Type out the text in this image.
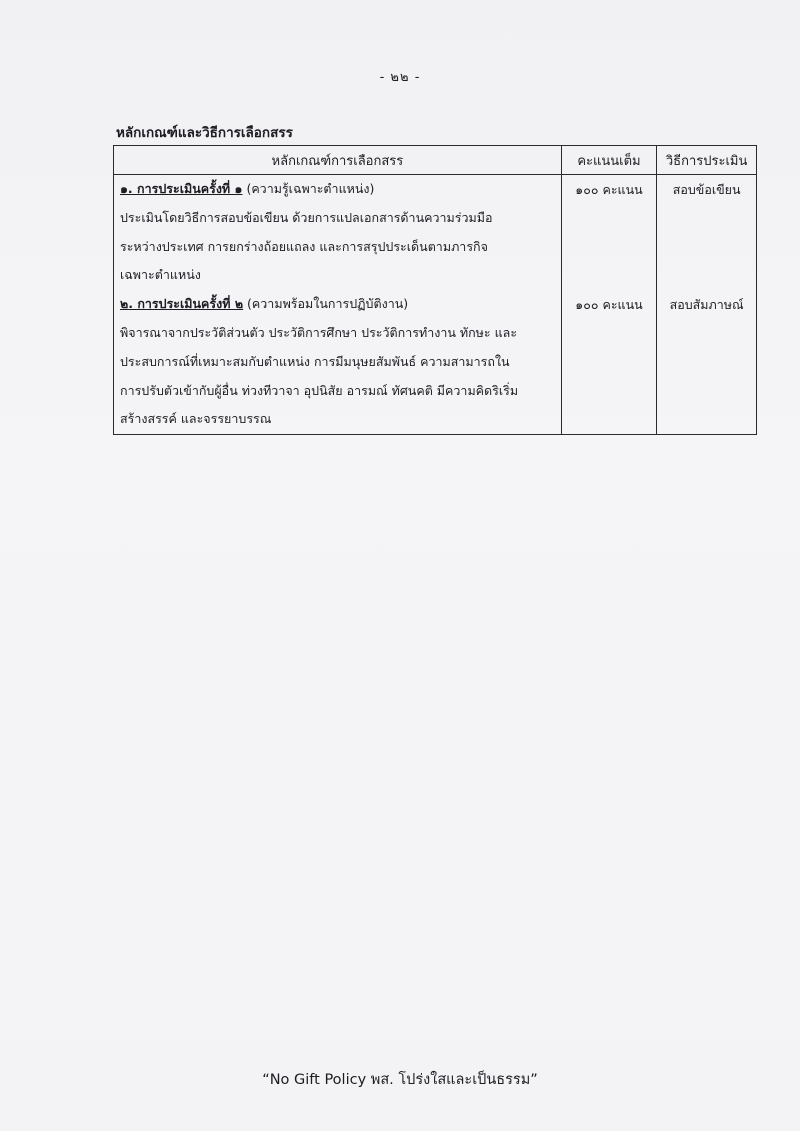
- ๒๒ -
หลักเกณฑ์และวิธีการเลือกสรร
หลักเกณฑ์การเลือกสรร	คะแนนเต็ม	วิธีการประเมิน

๑. การประเมินครั้งที่ ๑ (ความรู้เฉพาะตำแหน่ง)
ประเมินโดยวิธีการสอบข้อเขียน ด้วยการแปลเอกสารด้านความร่วมมือ
ระหว่างประเทศ การยกร่างถ้อยแถลง และการสรุปประเด็นตามภารกิจ
เฉพาะตำแหน่ง	๑๐๐ คะแนน	สอบข้อเขียน

๒. การประเมินครั้งที่ ๒ (ความพร้อมในการปฏิบัติงาน)
พิจารณาจากประวัติส่วนตัว ประวัติการศึกษา ประวัติการทำงาน ทักษะ และ
ประสบการณ์ที่เหมาะสมกับตำแหน่ง การมีมนุษยสัมพันธ์ ความสามารถใน
การปรับตัวเข้ากับผู้อื่น ท่วงทีวาจา อุปนิสัย อารมณ์ ทัศนคติ มีความคิดริเริ่ม
สร้างสรรค์ และจรรยาบรรณ	๑๐๐ คะแนน	สอบสัมภาษณ์
“No Gift Policy พส. โปร่งใสและเป็นธรรม”
